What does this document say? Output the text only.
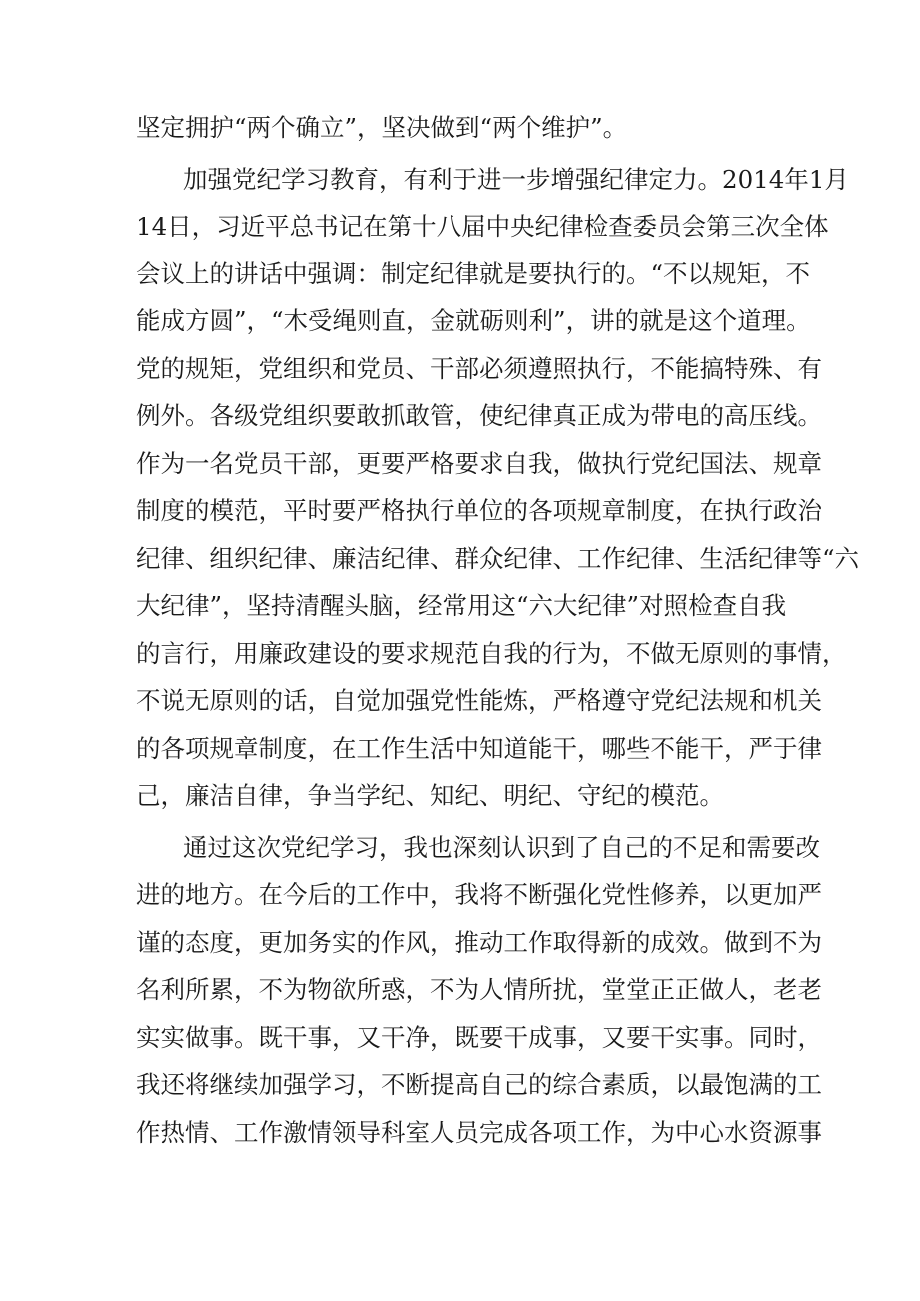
坚定拥护“两个确立”，坚决做到“两个维护”。
加强党纪学习教育，有利于进一步增强纪律定力。2014年1月
14日，习近平总书记在第十八届中央纪律检查委员会第三次全体
会议上的讲话中强调：制定纪律就是要执行的。“不以规矩，不
能成方圆”，“木受绳则直，金就砺则利”，讲的就是这个道理。
党的规矩，党组织和党员、干部必须遵照执行，不能搞特殊、有
例外。各级党组织要敢抓敢管，使纪律真正成为带电的高压线。
作为一名党员干部，更要严格要求自我，做执行党纪国法、规章
制度的模范，平时要严格执行单位的各项规章制度，在执行政治
纪律、组织纪律、廉洁纪律、群众纪律、工作纪律、生活纪律等“六
大纪律”，坚持清醒头脑，经常用这“六大纪律”对照检查自我
的言行，用廉政建设的要求规范自我的行为，不做无原则的事情，
不说无原则的话，自觉加强党性能炼，严格遵守党纪法规和机关
的各项规章制度，在工作生活中知道能干，哪些不能干，严于律
己，廉洁自律，争当学纪、知纪、明纪、守纪的模范。
通过这次党纪学习，我也深刻认识到了自己的不足和需要改
进的地方。在今后的工作中，我将不断强化党性修养，以更加严
谨的态度，更加务实的作风，推动工作取得新的成效。做到不为
名利所累，不为物欲所惑，不为人情所扰，堂堂正正做人，老老
实实做事。既干事，又干净，既要干成事，又要干实事。同时，
我还将继续加强学习，不断提高自己的综合素质，以最饱满的工
作热情、工作激情领导科室人员完成各项工作，为中心水资源事
